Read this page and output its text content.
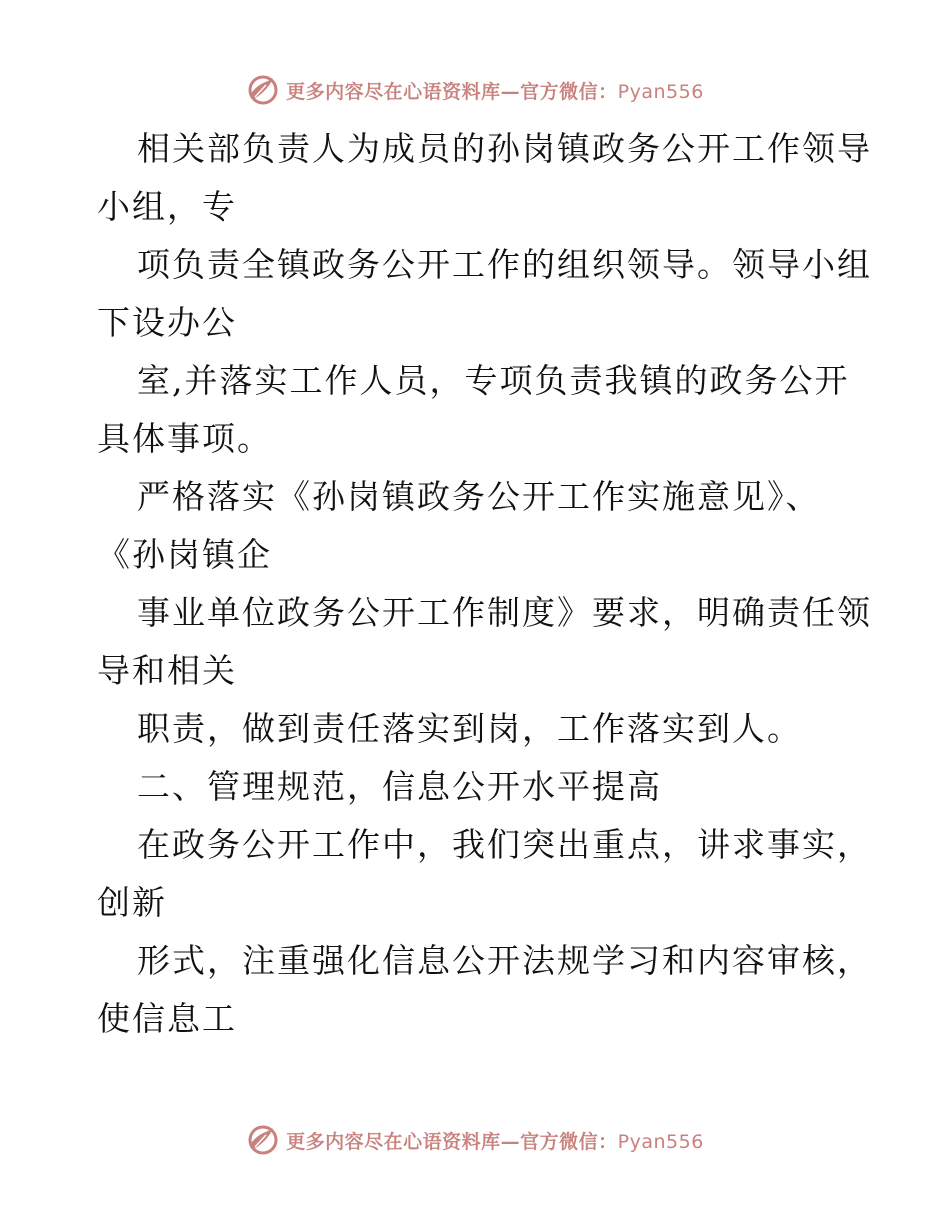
更多内容尽在心语资料库—官方微信：Pyan556
相关部负责人为成员的孙岗镇政务公开工作领导
小组，专
项负责全镇政务公开工作的组织领导。领导小组
下设办公
室,并落实工作人员，专项负责我镇的政务公开
具体事项。
严格落实《孙岗镇政务公开工作实施意见》、
《孙岗镇企
事业单位政务公开工作制度》要求，明确责任领
导和相关
职责，做到责任落实到岗，工作落实到人。
二、管理规范，信息公开水平提高
在政务公开工作中，我们突出重点，讲求事实，
创新
形式，注重强化信息公开法规学习和内容审核，
使信息工
更多内容尽在心语资料库—官方微信：Pyan556
